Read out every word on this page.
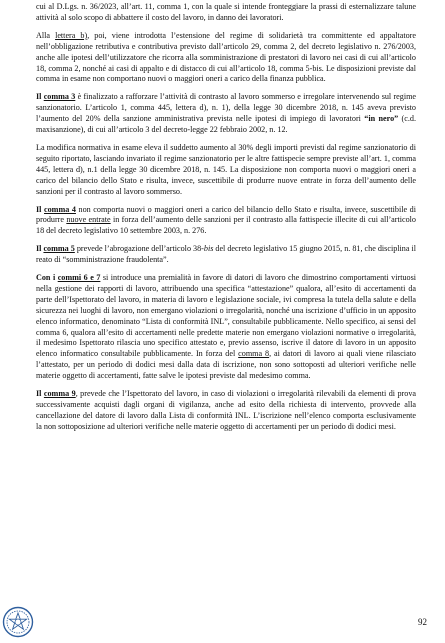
cui al D.Lgs. n. 36/2023, all’art. 11, comma 1, con la quale si intende fronteggiare la prassi di esternalizzare talune attività al solo scopo di abbattere il costo del lavoro, in danno dei lavoratori.

Alla lettera b), poi, viene introdotta l’estensione del regime di solidarietà tra committente ed appaltatore nell’obbligazione retributiva e contributiva previsto dall’articolo 29, comma 2, del decreto legislativo n. 276/2003, anche alle ipotesi dell’utilizzatore che ricorra alla somministrazione di prestatori di lavoro nei casi di cui all’articolo 18, comma 2, nonché ai casi di appalto e di distacco di cui all’articolo 18, comma 5-bis. Le disposizioni previste dal comma in esame non comportano nuovi o maggiori oneri a carico della finanza pubblica.

Il comma 3 è finalizzato a rafforzare l’attività di contrasto al lavoro sommerso e irregolare intervenendo sul regime sanzionatorio. L’articolo 1, comma 445, lettera d), n. 1), della legge 30 dicembre 2018, n. 145 aveva previsto l’aumento del 20% della sanzione amministrativa prevista nelle ipotesi di impiego di lavoratori “in nero” (c.d. maxisanzione), di cui all’articolo 3 del decreto-legge 22 febbraio 2002, n. 12.

La modifica normativa in esame eleva il suddetto aumento al 30% degli importi previsti dal regime sanzionatorio di seguito riportato, lasciando invariato il regime sanzionatorio per le altre fattispecie sempre previste all’art. 1, comma 445, lettera d), n.1 della legge 30 dicembre 2018, n. 145. La disposizione non comporta nuovi o maggiori oneri a carico del bilancio dello Stato e risulta, invece, suscettibile di produrre nuove entrate in forza dell’aumento delle sanzioni per il contrasto al lavoro sommerso.

Il comma 4 non comporta nuovi o maggiori oneri a carico del bilancio dello Stato e risulta, invece, suscettibile di produrre nuove entrate in forza dell’aumento delle sanzioni per il contrasto alla fattispecie illecite di cui all’articolo 18 del decreto legislativo 10 settembre 2003, n. 276.

Il comma 5 prevede l’abrogazione dell’articolo 38-bis del decreto legislativo 15 giugno 2015, n. 81, che disciplina il reato di “somministrazione fraudolenta”.

Con i commi 6 e 7 si introduce una premialità in favore di datori di lavoro che dimostrino comportamenti virtuosi nella gestione dei rapporti di lavoro, attribuendo una specifica “attestazione” qualora, all’esito di accertamenti da parte dell’Ispettorato del lavoro, in materia di lavoro e legislazione sociale, ivi compresa la tutela della salute e della sicurezza nei luoghi di lavoro, non emergano violazioni o irregolarità, nonché una iscrizione d’ufficio in un apposito elenco informatico, denominato “Lista di conformità INL”, consultabile pubblicamente. Nello specifico, ai sensi del comma 6, qualora all’esito di accertamenti nelle predette materie non emergano violazioni normative o irregolarità, il medesimo Ispettorato rilascia uno specifico attestato e, previo assenso, iscrive il datore di lavoro in un apposito elenco informatico consultabile pubblicamente. In forza del comma 8, ai datori di lavoro ai quali viene rilasciato l’attestato, per un periodo di dodici mesi dalla data di iscrizione, non sono sottoposti ad ulteriori verifiche nelle materie oggetto di accertamenti, fatte salve le ipotesi previste dal medesimo comma.

Il comma 9, prevede che l’Ispettorato del lavoro, in caso di violazioni o irregolarità rilevabili da elementi di prova successivamente acquisti dagli organi di vigilanza, anche ad esito della richiesta di intervento, provvede alla cancellazione del datore di lavoro dalla Lista di conformità INL. L’iscrizione nell’elenco comporta esclusivamente la non sottoposizione ad ulteriori verifiche nelle materie oggetto di accertamenti per un periodo di dodici mesi.

92
